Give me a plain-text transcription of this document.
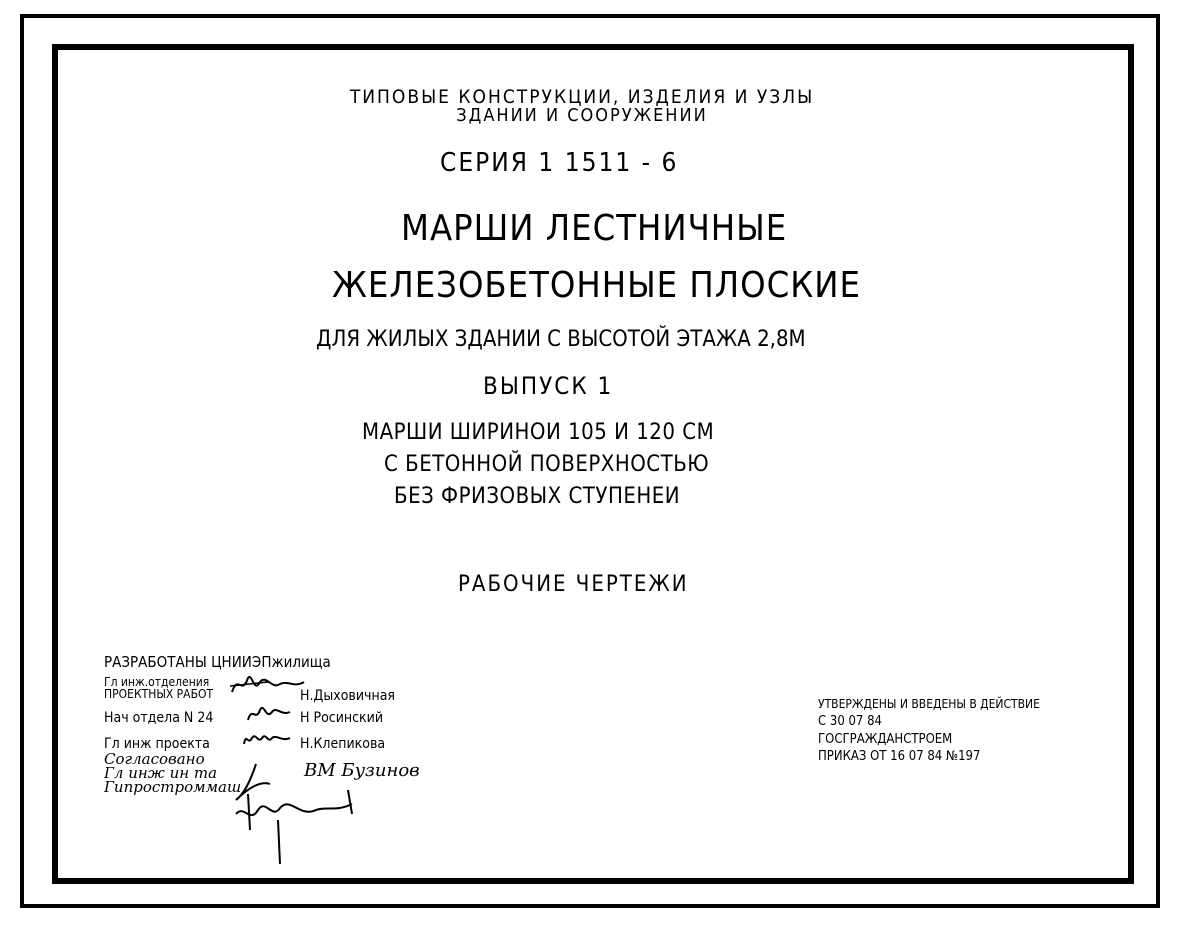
ТИПОВЫЕ КОНСТРУКЦИИ, ИЗДЕЛИЯ И УЗЛЫ
ЗДАНИИ И СООРУЖЕНИИ
СЕРИЯ 1 1511 - 6
МАРШИ ЛЕСТНИЧНЫЕ
ЖЕЛЕЗОБЕТОННЫЕ ПЛОСКИЕ
ДЛЯ ЖИЛЫХ ЗДАНИИ С ВЫСОТОЙ ЭТАЖА 2,8М
ВЫПУСК 1
МАРШИ ШИРИНОИ 105 И 120 СМ
С БЕТОННОЙ ПОВЕРХНОСТЬЮ
БЕЗ ФРИЗОВЫХ СТУПЕНЕИ
РАБОЧИЕ ЧЕРТЕЖИ
РАЗРАБОТАНЫ ЦНИИЭПжилища
Гл инж.отделения
ПРОЕКТНЫХ РАБОТ	Н.Дыховичная
Нач отдела N 24	Н Росинский
Гл инж проекта	Н.Клепикова
Согласовано
Гл инж ин та
Гипростроммаш
ВМ Бузинов
УТВЕРЖДЕНЫ И ВВЕДЕНЫ В ДЕЙСТВИЕ
С 30 07 84
ГОСГРАЖДАНСТРОЕМ
ПРИКАЗ ОТ 16 07 84 №197
